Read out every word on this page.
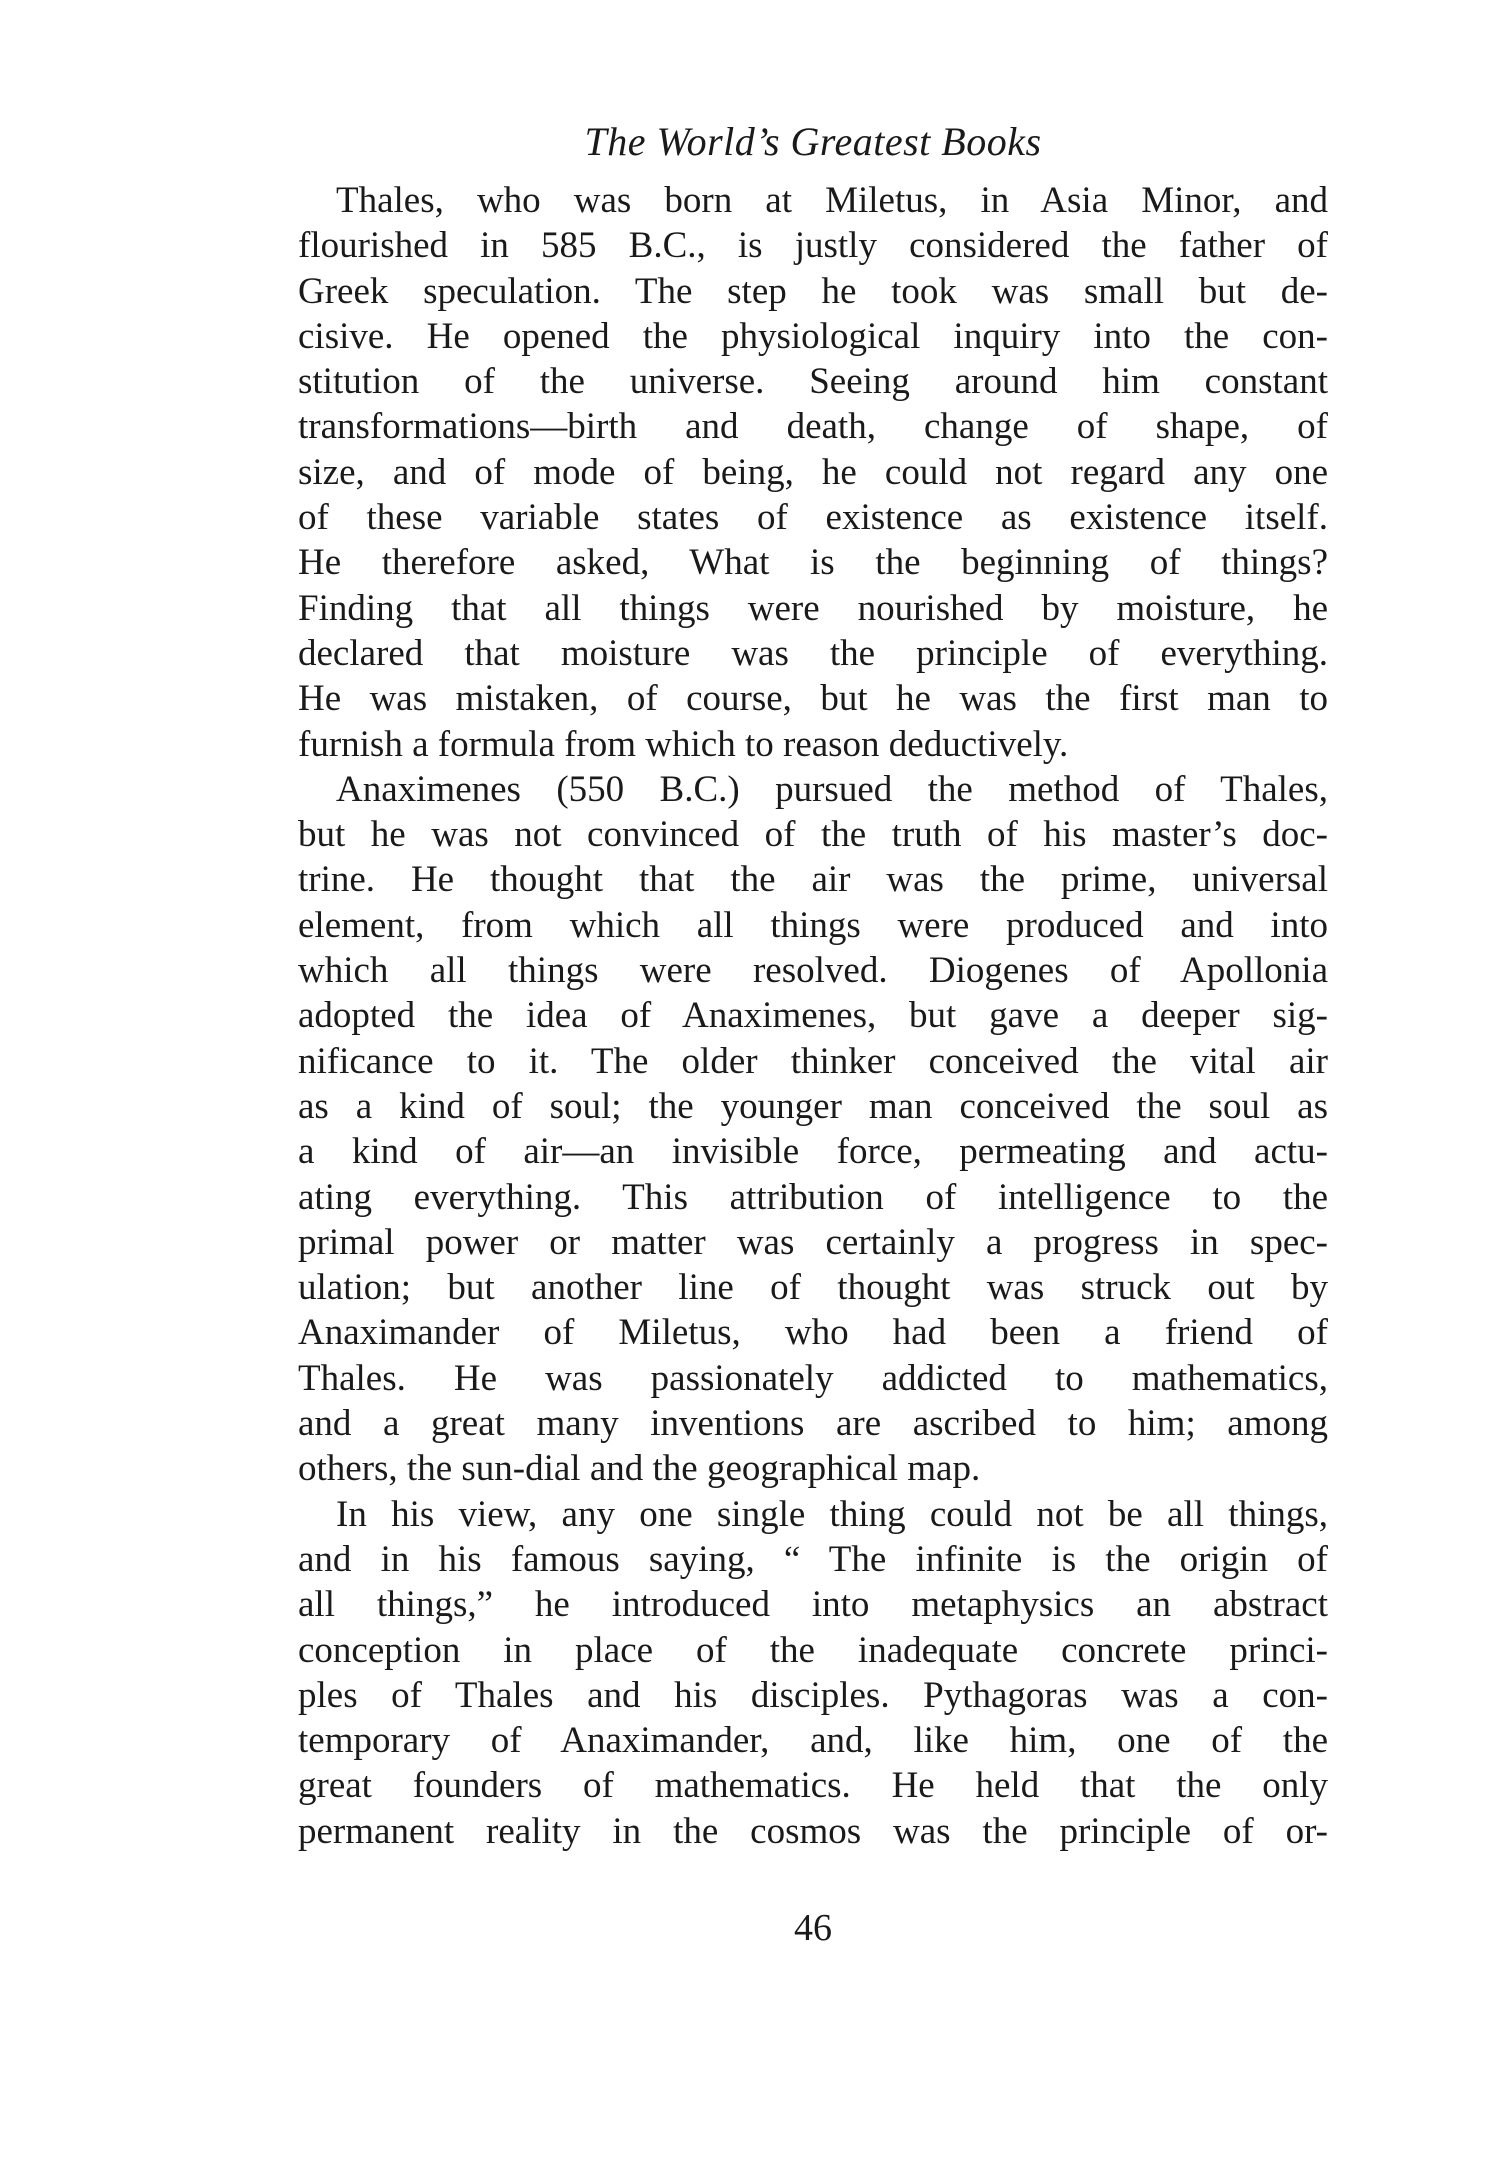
The World’s Greatest Books
Thales, who was born at Miletus, in Asia Minor, and
flourished in 585 B.C., is justly considered the father of
Greek speculation. The step he took was small but de-
cisive. He opened the physiological inquiry into the con-
stitution of the universe. Seeing around him constant
transformations—birth and death, change of shape, of
size, and of mode of being, he could not regard any one
of these variable states of existence as existence itself.
He therefore asked, What is the beginning of things?
Finding that all things were nourished by moisture, he
declared that moisture was the principle of everything.
He was mistaken, of course, but he was the first man to
furnish a formula from which to reason deductively.
Anaximenes (550 B.C.) pursued the method of Thales,
but he was not convinced of the truth of his master’s doc-
trine. He thought that the air was the prime, universal
element, from which all things were produced and into
which all things were resolved. Diogenes of Apollonia
adopted the idea of Anaximenes, but gave a deeper sig-
nificance to it. The older thinker conceived the vital air
as a kind of soul; the younger man conceived the soul as
a kind of air—an invisible force, permeating and actu-
ating everything. This attribution of intelligence to the
primal power or matter was certainly a progress in spec-
ulation; but another line of thought was struck out by
Anaximander of Miletus, who had been a friend of
Thales. He was passionately addicted to mathematics,
and a great many inventions are ascribed to him; among
others, the sun-dial and the geographical map.
In his view, any one single thing could not be all things,
and in his famous saying, “ The infinite is the origin of
all things,” he introduced into metaphysics an abstract
conception in place of the inadequate concrete princi-
ples of Thales and his disciples. Pythagoras was a con-
temporary of Anaximander, and, like him, one of the
great founders of mathematics. He held that the only
permanent reality in the cosmos was the principle of or-
46
